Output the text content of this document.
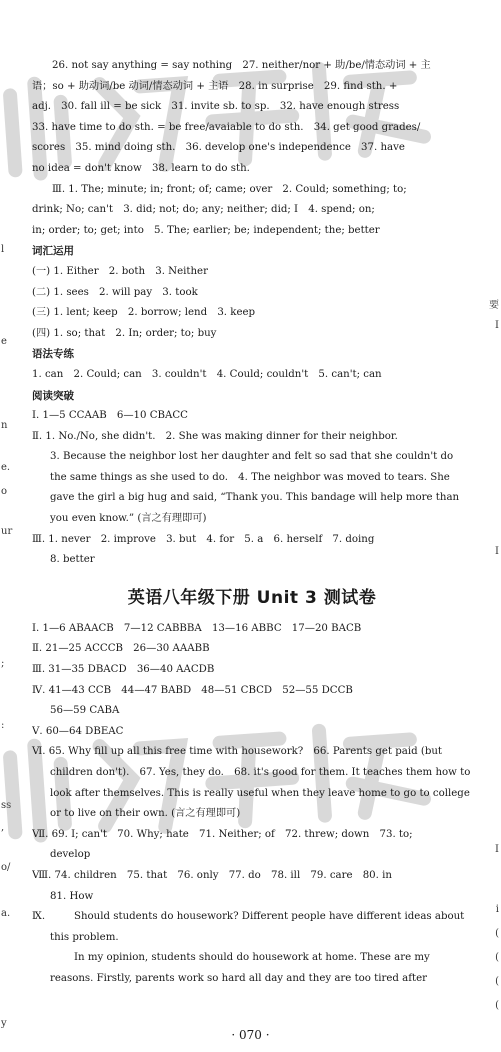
l
e
n
e.
o
ur
;
:
ss
,
o/
a.
y
要
I
I
I
i
(
(
(
(
26. not say anything = say nothing　27. neither/nor + 助/be/情态动词 + 主
语；so + 助动词/be 动词/情态动词 + 主语　28. in surprise　29. find sth. +
adj.　30. fall ill = be sick　31. invite sb. to sp.　32. have enough stress
33. have time to do sth. = be free/avaiable to do sth.　34. get good grades/
scores　35. mind doing sth.　36. develop one's independence　37. have
no idea = don't know　38. learn to do sth.
Ⅲ. 1. The; minute; in; front; of; came; over　2. Could; something; to;
drink; No; can't　3. did; not; do; any; neither; did; I　4. spend; on;
in; order; to; get; into　5. The; earlier; be; independent; the; better
词汇运用
(一) 1. Either　2. both　3. Neither
(二) 1. sees　2. will pay　3. took
(三) 1. lent; keep　2. borrow; lend　3. keep
(四) 1. so; that　2. In; order; to; buy
语法专练
1. can　2. Could; can　3. couldn't　4. Could; couldn't　5. can't; can
阅读突破
Ⅰ. 1—5 CCAAB　6—10 CBACC
Ⅱ. 1. No./No, she didn't.　2. She was making dinner for their neighbor.
3. Because the neighbor lost her daughter and felt so sad that she couldn't do the same things as she used to do.　4. The neighbor was moved to tears. She gave the girl a big hug and said, “Thank you. This bandage will help more than you even know.” (言之有理即可)
Ⅲ. 1. never　2. improve　3. but　4. for　5. a　6. herself　7. doing
8. better
英语八年级下册 Unit 3 测试卷
Ⅰ. 1—6 ABAACB　7—12 CABBBA　13—16 ABBC　17—20 BACB
Ⅱ. 21—25 ACCCB　26—30 AAABB
Ⅲ. 31—35 DBACD　36—40 AACDB
Ⅳ. 41—43 CCB　44—47 BABD　48—51 CBCD　52—55 DCCB
56—59 CABA
Ⅴ. 60—64 DBEAC
Ⅵ. 65. Why fill up all this free time with housework?　66. Parents get paid (but children don't).　67. Yes, they do.　68. it's good for them. It teaches them how to look after themselves. This is really useful when they leave home to go to college or to live on their own. (言之有理即可)
Ⅶ. 69. I; can't　70. Why; hate　71. Neither; of　72. threw; down　73. to;
develop
Ⅷ. 74. children　75. that　76. only　77. do　78. ill　79. care　80. in
81. How
Ⅸ.	Should students do housework? Different people have different ideas about this problem.
In my opinion, students should do housework at home. These are my reasons. Firstly, parents work so hard all day and they are too tired after
· 070 ·
